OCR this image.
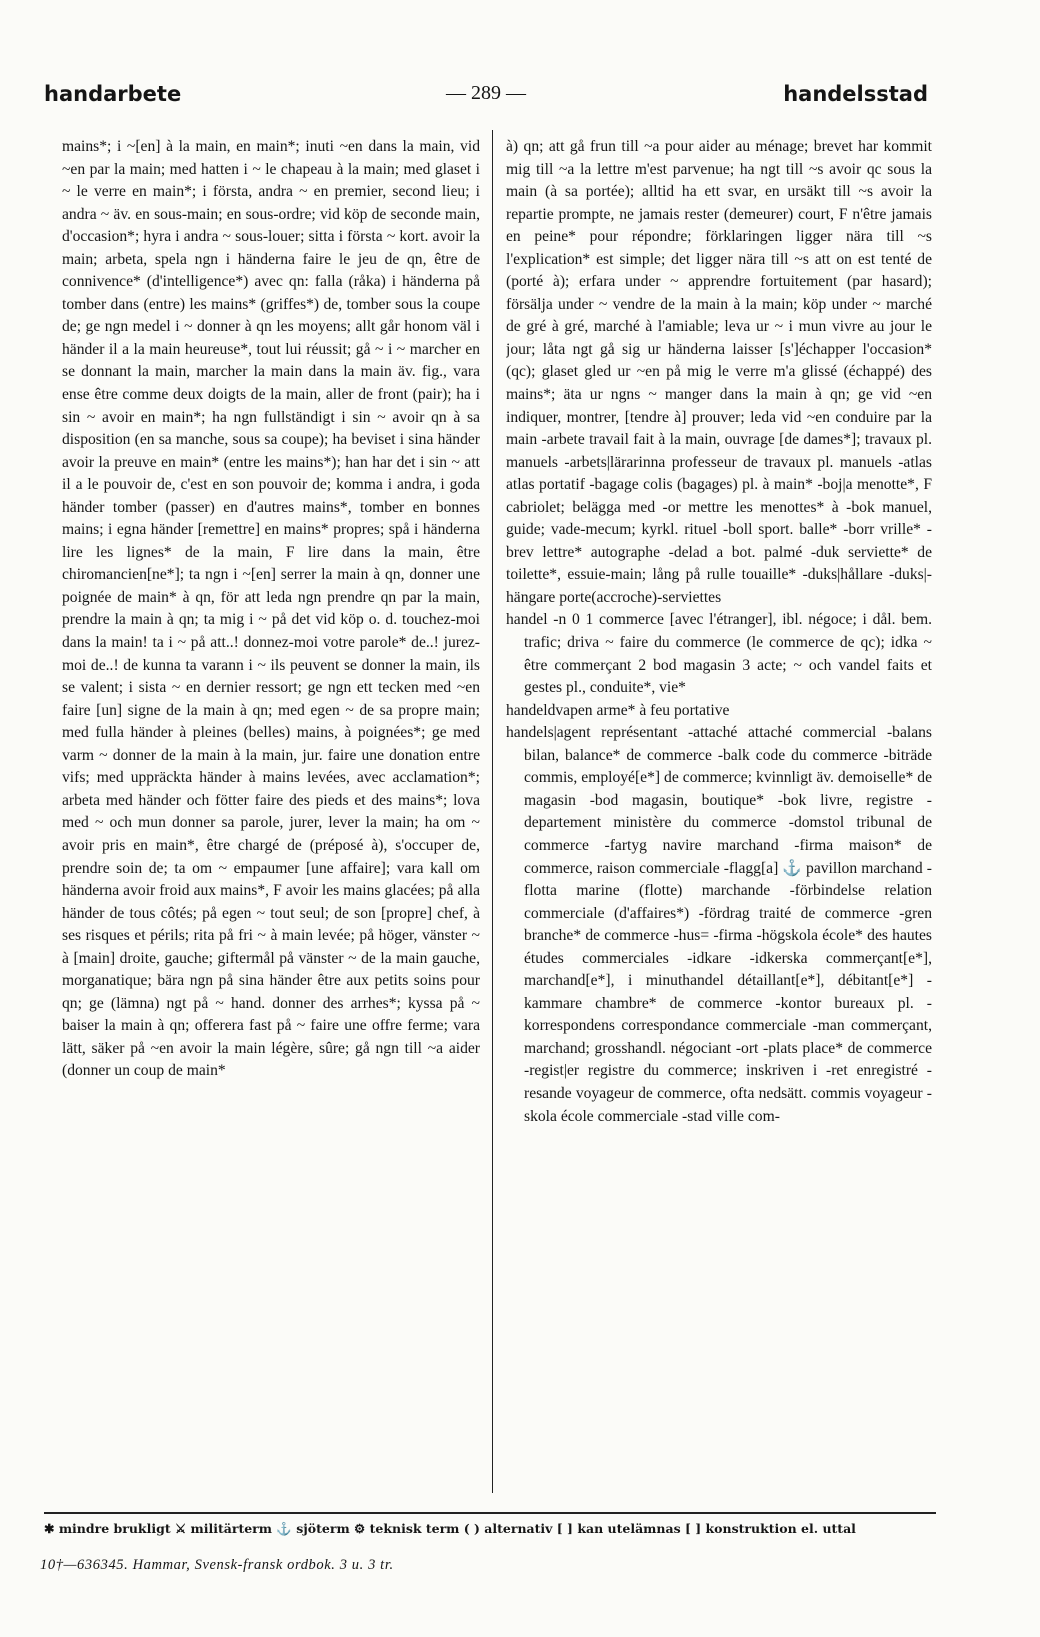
handarbete	— 289 —	handelsstad

mains*; i ~[en] à la main, en main*; inuti ~en dans la main, vid ~en par la main; med hatten i ~ le chapeau à la main; med glaset i ~ le verre en main*; i första, andra ~ en premier, second lieu; i andra ~ äv. en sous-main; en sous-ordre; vid köp de seconde main, d'occasion*; hyra i andra ~ sous-louer; sitta i första ~ kort. avoir la main; arbeta, spela ngn i händerna faire le jeu de qn, être de connivence* (d'intelligence*) avec qn: falla (råka) i händerna på tomber dans (entre) les mains* (griffes*) de, tomber sous la coupe de; ge ngn medel i ~ donner à qn les moyens; allt går honom väl i händer il a la main heureuse*, tout lui réussit; gå ~ i ~ marcher en se donnant la main, marcher la main dans la main äv. fig., vara ense être comme deux doigts de la main, aller de front (pair); ha i sin ~ avoir en main*; ha ngn fullständigt i sin ~ avoir qn à sa disposition (en sa manche, sous sa coupe); ha beviset i sina händer avoir la preuve en main* (entre les mains*); han har det i sin ~ att il a le pouvoir de, c'est en son pouvoir de; komma i andra, i goda händer tomber (passer) en d'autres mains*, tomber en bonnes mains; i egna händer [remettre] en mains* propres; spå i händerna lire les lignes* de la main, F lire dans la main, être chiromancien[ne*]; ta ngn i ~[en] serrer la main à qn, donner une poignée de main* à qn, för att leda ngn prendre qn par la main, prendre la main à qn; ta mig i ~ på det vid köp o. d. touchez-moi dans la main! ta i ~ på att..! donnez-moi votre parole* de..! jurez-moi de..! de kunna ta varann i ~ ils peuvent se donner la main, ils se valent; i sista ~ en dernier ressort; ge ngn ett tecken med ~en faire [un] signe de la main à qn; med egen ~ de sa propre main; med fulla händer à pleines (belles) mains, à poignées*; ge med varm ~ donner de la main à la main, jur. faire une donation entre vifs; med uppräckta händer à mains levées, avec acclamation*; arbeta med händer och fötter faire des pieds et des mains*; lova med ~ och mun donner sa parole, jurer, lever la main; ha om ~ avoir pris en main*, être chargé de (préposé à), s'occuper de, prendre soin de; ta om ~ empaumer [une affaire]; vara kall om händerna avoir froid aux mains*, F avoir les mains glacées; på alla händer de tous côtés; på egen ~ tout seul; de son [propre] chef, à ses risques et périls; rita på fri ~ à main levée; på höger, vänster ~ à [main] droite, gauche; giftermål på vänster ~ de la main gauche, morganatique; bära ngn på sina händer être aux petits soins pour qn; ge (lämna) ngt på ~ hand. donner des arrhes*; kyssa på ~ baiser la main à qn; offerera fast på ~ faire une offre ferme; vara lätt, säker på ~en avoir la main légère, sûre; gå ngn till ~a aider (donner un coup de main*

à) qn; att gå frun till ~a pour aider au ménage; brevet har kommit mig till ~a la lettre m'est parvenue; ha ngt till ~s avoir qc sous la main (à sa portée); alltid ha ett svar, en ursäkt till ~s avoir la repartie prompte, ne jamais rester (demeurer) court, F n'être jamais en peine* pour répondre; förklaringen ligger nära till ~s l'explication* est simple; det ligger nära till ~s att on est tenté de (porté à); erfara under ~ apprendre fortuitement (par hasard); försälja under ~ vendre de la main à la main; köp under ~ marché de gré à gré, marché à l'amiable; leva ur ~ i mun vivre au jour le jour; låta ngt gå sig ur händerna laisser [s']échapper l'occasion* (qc); glaset gled ur ~en på mig le verre m'a glissé (échappé) des mains*; äta ur ngns ~ manger dans la main à qn; ge vid ~en indiquer, montrer, [tendre à] prouver; leda vid ~en conduire par la main -arbete travail fait à la main, ouvrage [de dames*]; travaux pl. manuels -arbets|lärarinna professeur de travaux pl. manuels -atlas atlas portatif -bagage colis (bagages) pl. à main* -boj|a menotte*, F cabriolet; belägga med -or mettre les menottes* à -bok manuel, guide; vade-mecum; kyrkl. rituel -boll sport. balle* -borr vrille* -brev lettre* autographe -delad a bot. palmé -duk serviette* de toilette*, essuie-main; lång på rulle touaille* -duks|hållare -duks|-hängare porte(accroche)-serviettes

handel -n 0 1 commerce [avec l'étranger], ibl. négoce; i dål. bem. trafic; driva ~ faire du commerce (le commerce de qc); idka ~ être commerçant 2 bod magasin 3 acte; ~ och vandel faits et gestes pl., conduite*, vie*

handeldvapen arme* à feu portative

handels|agent représentant -attaché attaché commercial -balans bilan, balance* de commerce -balk code du commerce -biträde commis, employé[e*] de commerce; kvinnligt äv. demoiselle* de magasin -bod magasin, boutique* -bok livre, registre -departement ministère du commerce -domstol tribunal de commerce -fartyg navire marchand -firma maison* de commerce, raison commerciale -flagg[a] ⚓ pavillon marchand -flotta marine (flotte) marchande -förbindelse relation commerciale (d'affaires*) -fördrag traité de commerce -gren branche* de commerce -hus= -firma -högskola école* des hautes études commerciales -idkare -idkerska commerçant[e*], marchand[e*], i minuthandel détaillant[e*], débitant[e*] -kammare chambre* de commerce -kontor bureaux pl. -korrespondens correspondance commerciale -man commerçant, marchand; grosshandl. négociant -ort -plats place* de commerce -regist|er registre du commerce; inskriven i -ret enregistré -resande voyageur de commerce, ofta nedsätt. commis voyageur -skola école commerciale -stad ville com-

✱ mindre brukligt ⚔ militärterm ⚓ sjöterm ⚙ teknisk term ( ) alternativ [ ] kan utelämnas [ ] konstruktion el. uttal
10†—636345. Hammar, Svensk-fransk ordbok. 3 u. 3 tr.
